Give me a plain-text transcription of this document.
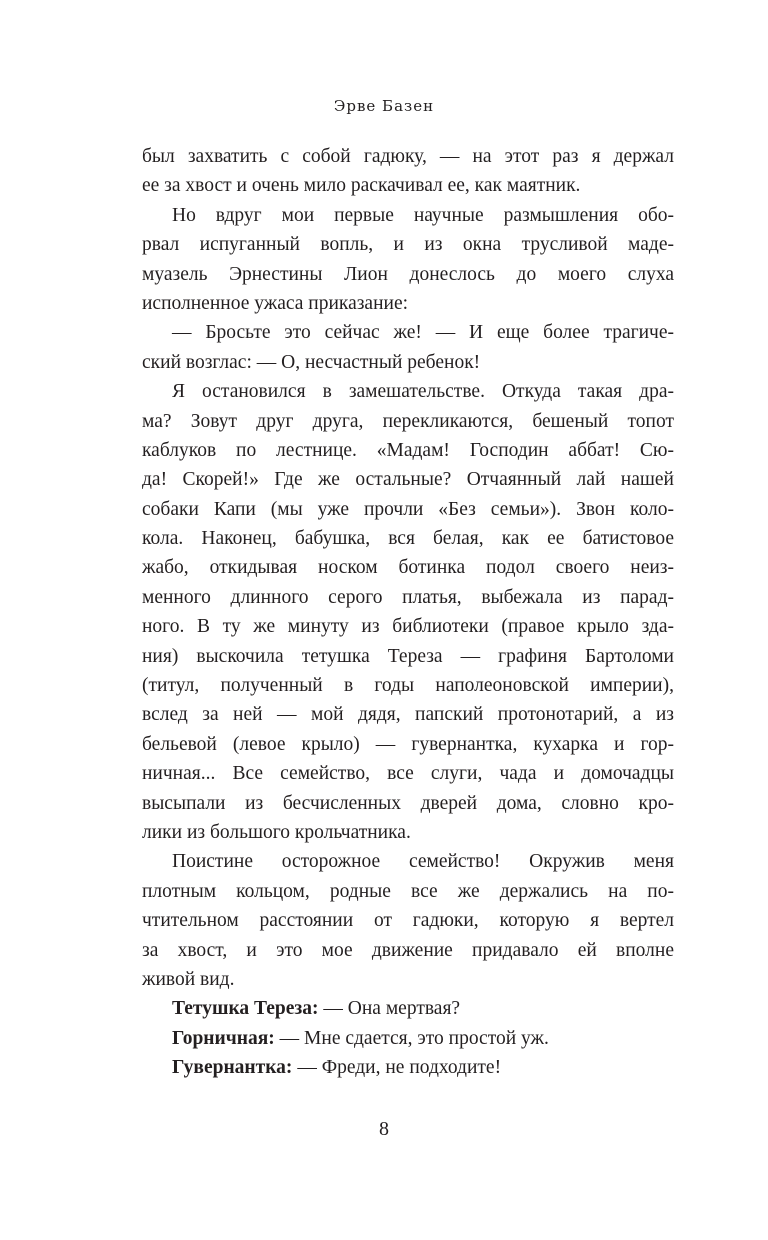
Эрве Базен
был захватить с собой гадюку, — на этот раз я держал
ее за хвост и очень мило раскачивал ее, как маятник.
Но вдруг мои первые научные размышления обо-
рвал испуганный вопль, и из окна трусливой маде-
муазель Эрнестины Лион донеслось до моего слуха
исполненное ужаса приказание:
— Бросьте это сейчас же! — И еще более трагиче-
ский возглас: — О, несчастный ребенок!
Я остановился в замешательстве. Откуда такая дра-
ма? Зовут друг друга, перекликаются, бешеный топот
каблуков по лестнице. «Мадам! Господин аббат! Сю-
да! Скорей!» Где же остальные? Отчаянный лай нашей
собаки Капи (мы уже прочли «Без семьи»). Звон коло-
кола. Наконец, бабушка, вся белая, как ее батистовое
жабо, откидывая носком ботинка подол своего неиз-
менного длинного серого платья, выбежала из парад-
ного. В ту же минуту из библиотеки (правое крыло зда-
ния) выскочила тетушка Тереза — графиня Бартоломи
(титул, полученный в годы наполеоновской империи),
вслед за ней — мой дядя, папский протонотарий, а из
бельевой (левое крыло) — гувернантка, кухарка и гор-
ничная... Все семейство, все слуги, чада и домочадцы
высыпали из бесчисленных дверей дома, словно кро-
лики из большого крольчатника.
Поистине осторожное семейство! Окружив меня
плотным кольцом, родные все же держались на по-
чтительном расстоянии от гадюки, которую я вертел
за хвост, и это мое движение придавало ей вполне
живой вид.
Тетушка Тереза: — Она мертвая?
Горничная: — Мне сдается, это простой уж.
Гувернантка: — Фреди, не подходите!
8
